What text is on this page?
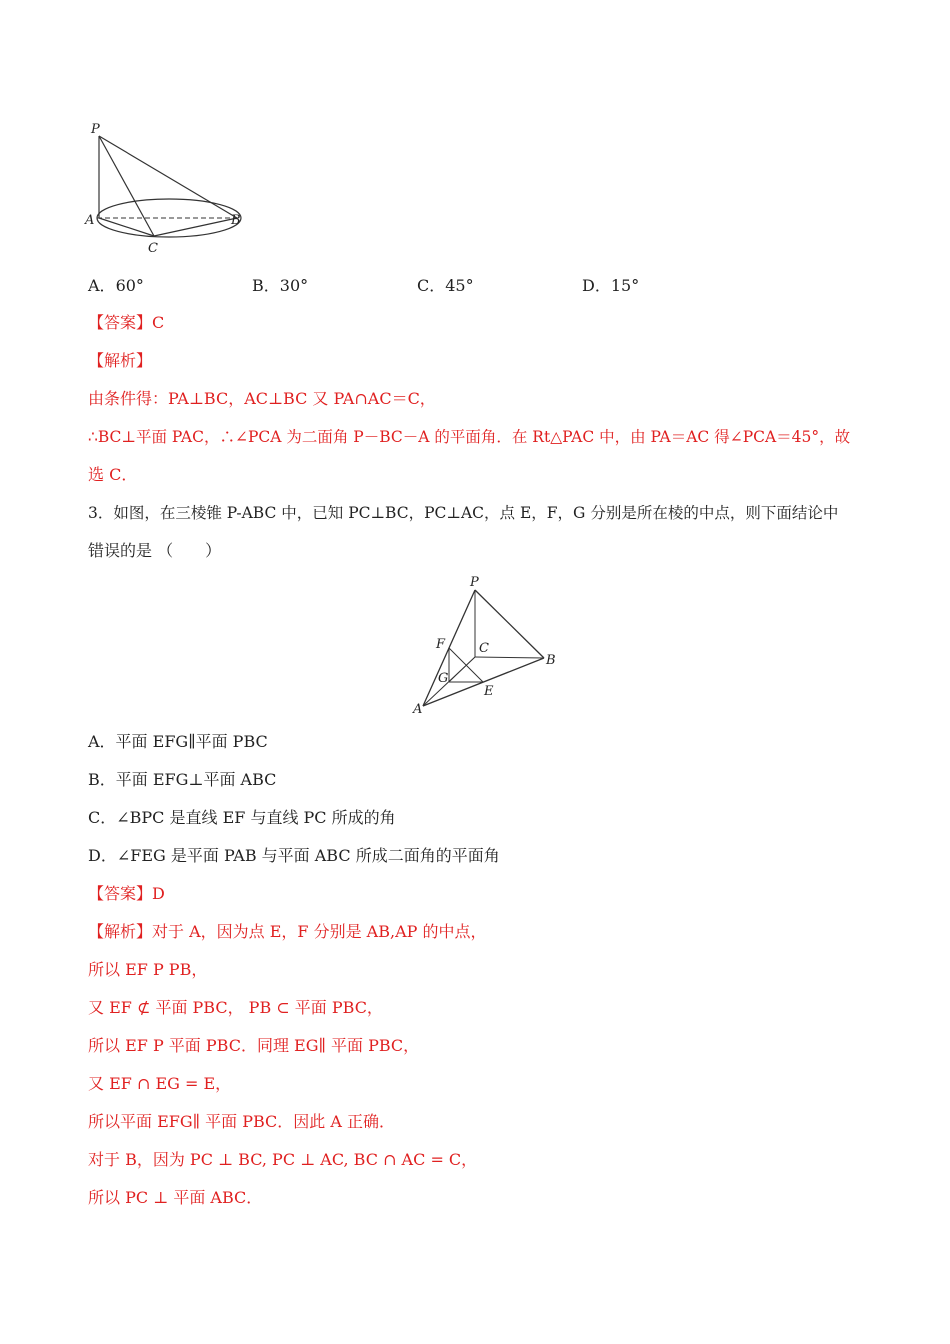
P
A	B
C
A．60°	B．30°	C．45°	D．15°
【答案】C
【解析】
由条件得：PA⊥BC，AC⊥BC 又 PA∩AC＝C，
∴BC⊥平面 PAC，∴∠PCA 为二面角 P－BC－A 的平面角．在 Rt△PAC 中，由 PA＝AC 得∠PCA＝45°，故
选 C．
3．如图，在三棱锥 P-ABC 中，已知 PC⊥BC，PC⊥AC，点 E，F，G 分别是所在棱的中点，则下面结论中
错误的是 （　　）
P
F	C
B
G
E
A
A．平面 EFG∥平面 PBC
B．平面 EFG⊥平面 ABC
C．∠BPC 是直线 EF 与直线 PC 所成的角
D．∠FEG 是平面 PAB 与平面 ABC 所成二面角的平面角
【答案】D
【解析】对于 A，因为点 E，F 分别是 AB,AP 的中点，
所以 EF Ρ PB，
又 EF ⊄ 平面 PBC， PB ⊂ 平面 PBC，
所以 EF Ρ 平面 PBC．同理 EG∥ 平面 PBC，
又 EF ∩ EG = E，
所以平面 EFG∥ 平面 PBC．因此 A 正确．
对于 B，因为 PC ⊥ BC, PC ⊥ AC, BC ∩ AC = C，
所以 PC ⊥ 平面 ABC．
